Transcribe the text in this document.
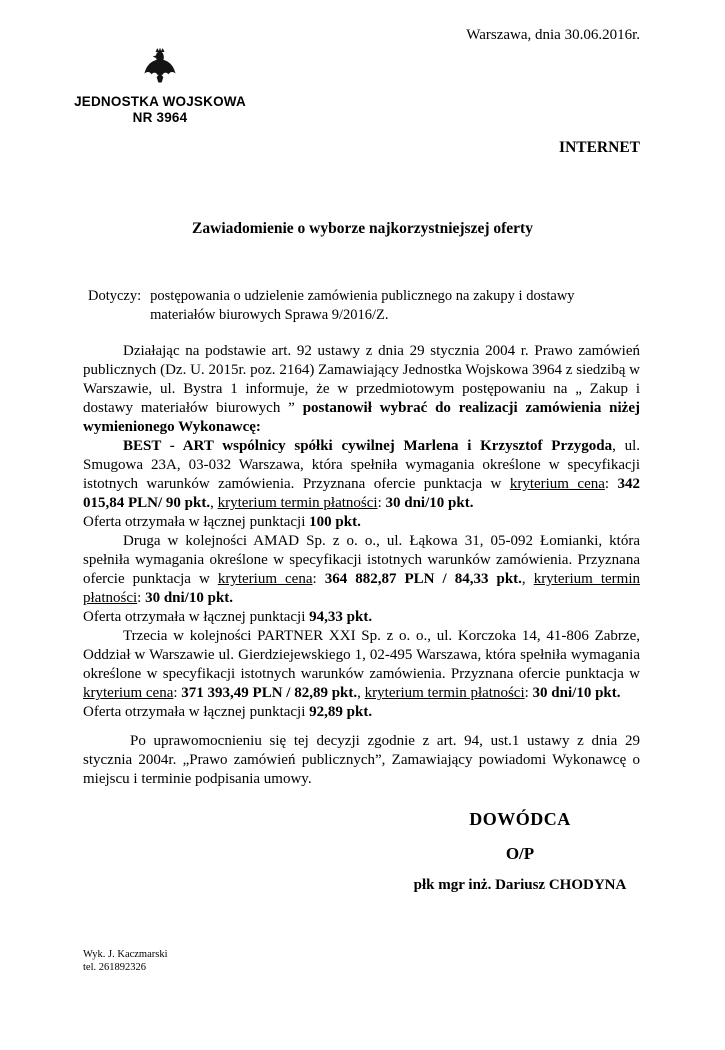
Warszawa, dnia 30.06.2016r.
JEDNOSTKA WOJSKOWA
NR 3964
INTERNET
Zawiadomienie o wyborze najkorzystniejszej oferty
Dotyczy: postępowania o udzielenie zamówienia publicznego na zakupy i dostawy materiałów biurowych Sprawa 9/2016/Z.

Działając na podstawie art. 92 ustawy z dnia 29 stycznia 2004 r. Prawo zamówień publicznych (Dz. U. 2015r. poz. 2164) Zamawiający Jednostka Wojskowa 3964 z siedzibą w Warszawie, ul. Bystra 1 informuje, że w przedmiotowym postępowaniu na „ Zakup i dostawy materiałów biurowych ” postanowił wybrać do realizacji zamówienia niżej wymienionego Wykonawcę:

BEST - ART wspólnicy spółki cywilnej Marlena i Krzysztof Przygoda, ul. Smugowa 23A, 03-032 Warszawa, która spełniła wymagania określone w specyfikacji istotnych warunków zamówienia. Przyznana ofercie punktacja w kryterium cena: 342 015,84 PLN/ 90 pkt., kryterium termin płatności: 30 dni/10 pkt.

Oferta otrzymała w łącznej punktacji 100 pkt.

Druga w kolejności AMAD Sp. z o. o., ul. Łąkowa 31, 05-092 Łomianki, która spełniła wymagania określone w specyfikacji istotnych warunków zamówienia. Przyznana ofercie punktacja w kryterium cena: 364 882,87 PLN / 84,33 pkt., kryterium termin płatności: 30 dni/10 pkt.

Oferta otrzymała w łącznej punktacji 94,33 pkt.

Trzecia w kolejności PARTNER XXI Sp. z o. o., ul. Korczoka 14, 41-806 Zabrze, Oddział w Warszawie ul. Gierdziejewskiego 1, 02-495 Warszawa, która spełniła wymagania określone w specyfikacji istotnych warunków zamówienia. Przyznana ofercie punktacja w kryterium cena: 371 393,49 PLN / 82,89 pkt., kryterium termin płatności: 30 dni/10 pkt.

Oferta otrzymała w łącznej punktacji 92,89 pkt.

Po uprawomocnieniu się tej decyzji zgodnie z art. 94, ust.1 ustawy z dnia 29 stycznia 2004r. „Prawo zamówień publicznych”, Zamawiający powiadomi Wykonawcę o miejscu i terminie podpisania umowy.

DOWÓDCA
O/P
płk mgr inż. Dariusz CHODYNA
Wyk. J. Kaczmarski
tel. 261892326
